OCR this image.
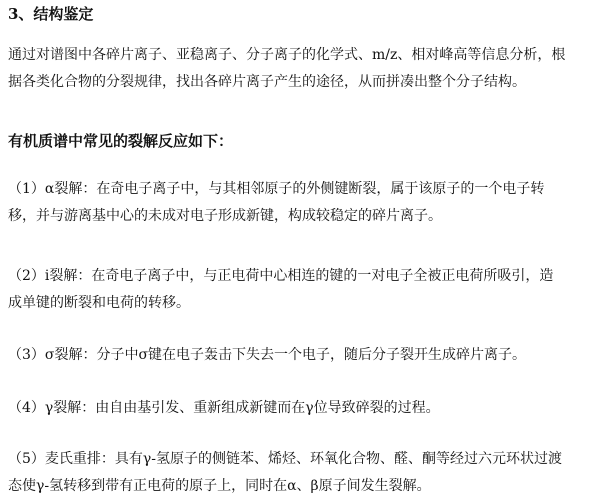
3、结构鉴定
通过对谱图中各碎片离子、亚稳离子、分子离子的化学式、m/z、相对峰高等信息分析，根
据各类化合物的分裂规律，找出各碎片离子产生的途径，从而拼凑出整个分子结构。
有机质谱中常见的裂解反应如下：
（1）α裂解：在奇电子离子中，与其相邻原子的外侧键断裂，属于该原子的一个电子转
移，并与游离基中心的未成对电子形成新键，构成较稳定的碎片离子。
（2）i裂解：在奇电子离子中，与正电荷中心相连的键的一对电子全被正电荷所吸引，造
成单键的断裂和电荷的转移。
（3）σ裂解：分子中σ键在电子轰击下失去一个电子，随后分子裂开生成碎片离子。
（4）γ裂解：由自由基引发、重新组成新键而在γ位导致碎裂的过程。
（5）麦氏重排：具有γ-氢原子的侧链苯、烯烃、环氧化合物、醛、酮等经过六元环状过渡
态使γ-氢转移到带有正电荷的原子上，同时在α、β原子间发生裂解。
